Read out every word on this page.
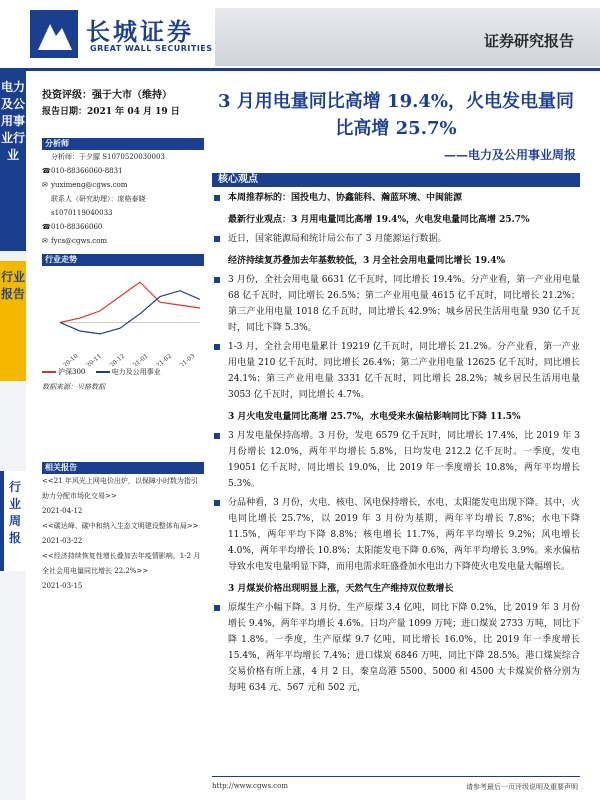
长城证券
GREAT WALL SECURITIES	证券研究报告
电力及公用事业行业
行业报告
行业周报
投资评级：强于大市（维持）
报告日期：2021 年 04 月 19 日
分析师
分析师：于夕朦 S1070520030003
☎010-88366060-8831
✉ yuximeng@cgws.com
联系人（研究助理）：庞格泰晓
s1070119040033
☎010-88366060
✉ fycs@cgws.com
行业走势
20-10 20-11 20-12 21-01 21-02 21-03
沪深300	电力及公用事业
数据来源：贝格数据
相关报告
<<21 年风光上网电价出炉，以保障小时数为指引助力分配市场化交易>>
2021-04-12
<<碳达峰、碳中和纳入生态文明建设整体布局>> 2021-03-22
<<经济持续恢复性增长叠加去年疫情影响，1-2 月全社会用电量同比增长 22.2%>>
2021-03-15
3 月用电量同比高增 19.4%，火电发电量同比高增 25.7%
——电力及公用事业周报
核心观点
本周推荐标的：国投电力、协鑫能科、瀚蓝环境、中闽能源
最新行业观点：3 月用电量同比高增 19.4%，火电发电量同比高增 25.7%
近日，国家能源局和统计局公布了 3 月能源运行数据。
经济持续复苏叠加去年基数较低，3 月全社会用电量同比增长 19.4%
3 月份，全社会用电量 6631 亿千瓦时，同比增长 19.4%。分产业看，第一产业用电量 68 亿千瓦时，同比增长 26.5%；第二产业用电量 4615 亿千瓦时，同比增长 21.2%；第三产业用电量 1018 亿千瓦时，同比增长 42.9%；城乡居民生活用电量 930 亿千瓦时，同比下降 5.3%。
1-3 月，全社会用电量累计 19219 亿千瓦时，同比增长 21.2%。分产业看，第一产业用电量 210 亿千瓦时，同比增长 26.4%；第二产业用电量 12625 亿千瓦时，同比增长 24.1%；第三产业用电量 3331 亿千瓦时，同比增长 28.2%；城乡居民生活用电量 3053 亿千瓦时，同比增长 4.7%。
3 月火电发电量同比高增 25.7%，水电受来水偏枯影响同比下降 11.5%
3 月发电量保持高增。3 月份，发电 6579 亿千瓦时，同比增长 17.4%，比 2019 年 3 月份增长 12.0%，两年平均增长 5.8%，日均发电 212.2 亿千瓦时。一季度，发电 19051 亿千瓦时，同比增长 19.0%，比 2019 年一季度增长 10.8%，两年平均增长 5.3%。
分品种看，3 月份，火电、核电、风电保持增长，水电、太阳能发电出现下降。其中，火电同比增长 25.7%，以 2019 年 3 月份为基期，两年平均增长 7.8%；水电下降 11.5%，两年平均下降 8.8%；核电增长 11.7%，两年平均增长 9.2%；风电增长 4.0%，两年平均增长 10.8%；太阳能发电下降 0.6%，两年平均增长 3.9%。来水偏枯导致水电发电量明显下降，而用电需求旺盛叠加水电出力下降使火电发电量大幅增长。
3 月煤炭价格出现明显上涨，天然气生产维持双位数增长
原煤生产小幅下降。3 月份，生产原煤 3.4 亿吨，同比下降 0.2%，比 2019 年 3 月份增长 9.4%，两年平均增长 4.6%。日均产量 1099 万吨；进口煤炭 2733 万吨，同比下降 1.8%。一季度，生产原煤 9.7 亿吨，同比增长 16.0%，比 2019 年一季度增长 15.4%，两年平均增长 7.4%；进口煤炭 6846 万吨，同比下降 28.5%。港口煤炭综合交易价格有所上涨，4 月 2 日，秦皇岛港 5500、5000 和 4500 大卡煤炭价格分别为每吨 634 元、567 元和 502 元，
http://www.cgws.com	请参考最后一页评级说明及重要声明
